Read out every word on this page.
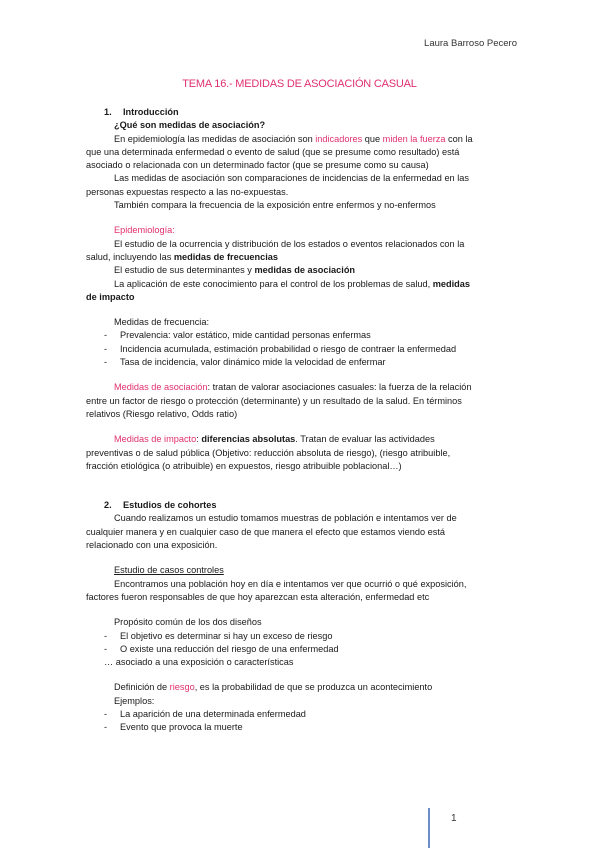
Laura Barroso Pecero
TEMA 16.- MEDIDAS DE ASOCIACIÓN CASUAL
1. Introducción
¿Qué son medidas de asociación?
En epidemiología las medidas de asociación son indicadores que miden la fuerza con la
que una determinada enfermedad o evento de salud (que se presume como resultado) está
asociado o relacionada con un determinado factor (que se presume como su causa)
Las medidas de asociación son comparaciones de incidencias de la enfermedad en las
personas expuestas respecto a las no-expuestas.
También compara la frecuencia de la exposición entre enfermos y no-enfermos
Epidemiología:
El estudio de la ocurrencia y distribución de los estados o eventos relacionados con la
salud, incluyendo las medidas de frecuencias
El estudio de sus determinantes y medidas de asociación
La aplicación de este conocimiento para el control de los problemas de salud, medidas
de impacto
Medidas de frecuencia:
- Prevalencia: valor estático, mide cantidad personas enfermas
- Incidencia acumulada, estimación probabilidad o riesgo de contraer la enfermedad
- Tasa de incidencia, valor dinámico mide la velocidad de enfermar
Medidas de asociación: tratan de valorar asociaciones casuales: la fuerza de la relación
entre un factor de riesgo o protección (determinante) y un resultado de la salud. En términos
relativos (Riesgo relativo, Odds ratio)
Medidas de impacto: diferencias absolutas. Tratan de evaluar las actividades
preventivas o de salud pública (Objetivo: reducción absoluta de riesgo), (riesgo atribuible,
fracción etiológica (o atribuible) en expuestos, riesgo atribuible poblacional…)
2. Estudios de cohortes
Cuando realizamos un estudio tomamos muestras de población e intentamos ver de
cualquier manera y en cualquier caso de que manera el efecto que estamos viendo está
relacionado con una exposición.
Estudio de casos controles
Encontramos una población hoy en día e intentamos ver que ocurrió o qué exposición,
factores fueron responsables de que hoy aparezcan esta alteración, enfermedad etc
Propósito común de los dos diseños
- El objetivo es determinar si hay un exceso de riesgo
- O existe una reducción del riesgo de una enfermedad
… asociado a una exposición o características
Definición de riesgo, es la probabilidad de que se produzca un acontecimiento
Ejemplos:
- La aparición de una determinada enfermedad
- Evento que provoca la muerte
1
